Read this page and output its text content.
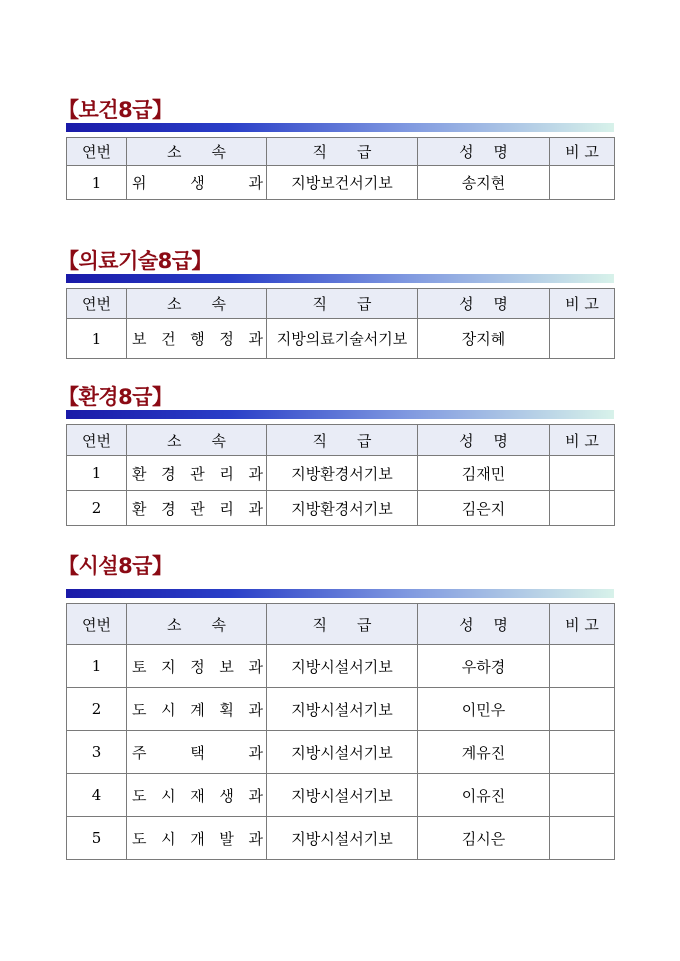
【보건8급】
연번	소  속	직  급	성  명	비 고
1	위 생 과	지방보건서기보	송지현	
【의료기술8급】
연번	소  속	직  급	성  명	비 고
1	보 건 행 정 과	지방의료기술서기보	장지혜	
【환경8급】
연번	소  속	직  급	성  명	비 고
1	환 경 관 리 과	지방환경서기보	김재민	
2	환 경 관 리 과	지방환경서기보	김은지	
【시설8급】
연번	소  속	직  급	성  명	비 고
1	토 지 정 보 과	지방시설서기보	우하경	
2	도 시 계 획 과	지방시설서기보	이민우	
3	주 택 과	지방시설서기보	계유진	
4	도 시 재 생 과	지방시설서기보	이유진	
5	도 시 개 발 과	지방시설서기보	김시은	
